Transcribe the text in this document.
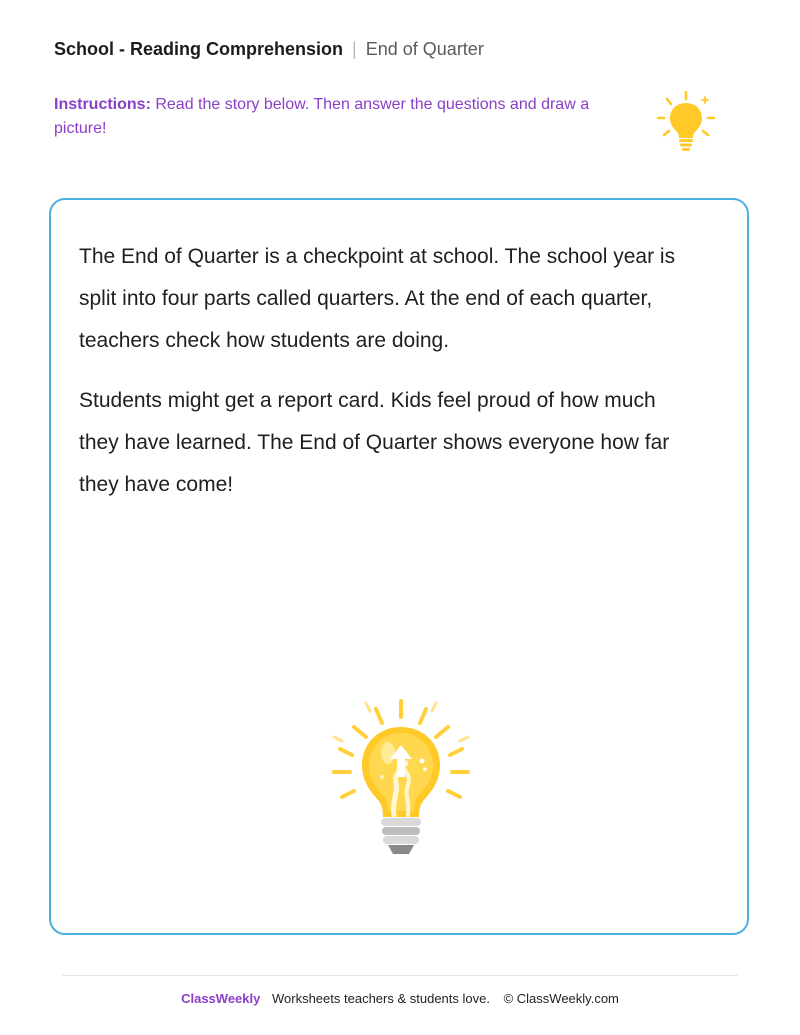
School - Reading Comprehension | End of Quarter
Instructions: Read the story below. Then answer the questions and draw a picture!

The End of Quarter is a checkpoint at school. The school year is split into four parts called quarters. At the end of each quarter, teachers check how students are doing.

Students might get a report card. Kids feel proud of how much they have learned. The End of Quarter shows everyone how far they have come!

ClassWeekly Worksheets teachers & students love. © ClassWeekly.com
